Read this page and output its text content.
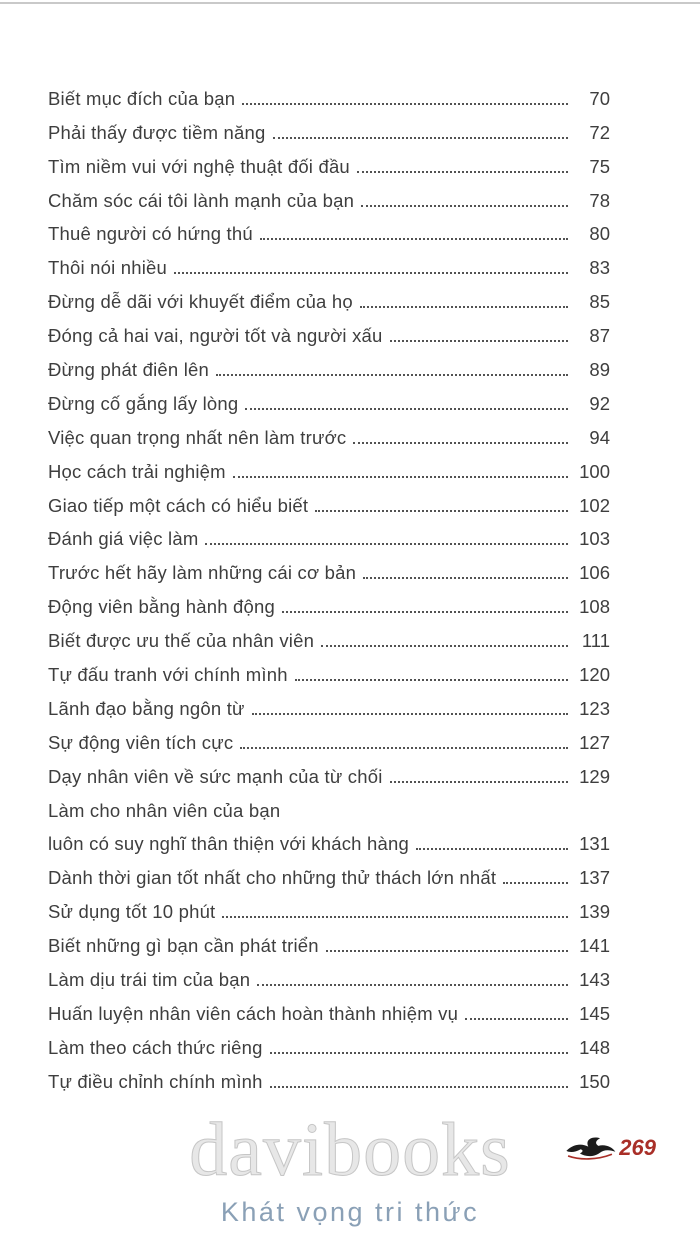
Biết mục đích của bạn	70
Phải thấy được tiềm năng	72
Tìm niềm vui với nghệ thuật đối đầu	75
Chăm sóc cái tôi lành mạnh của bạn	78
Thuê người có hứng thú	80
Thôi nói nhiều	83
Đừng dễ dãi với khuyết điểm của họ	85
Đóng cả hai vai, người tốt và người xấu	87
Đừng phát điên lên	89
Đừng cố gắng lấy lòng	92
Việc quan trọng nhất nên làm trước	94
Học cách trải nghiệm	100
Giao tiếp một cách có hiểu biết	102
Đánh giá việc làm	103
Trước hết hãy làm những cái cơ bản	106
Động viên bằng hành động	108
Biết được ưu thế của nhân viên	111
Tự đấu tranh với chính mình	120
Lãnh đạo bằng ngôn từ	123
Sự động viên tích cực	127
Dạy nhân viên về sức mạnh của từ chối	129
Làm cho nhân viên của bạn
luôn có suy nghĩ thân thiện với khách hàng	131
Dành thời gian tốt nhất cho những thử thách lớn nhất	137
Sử dụng tốt 10 phút	139
Biết những gì bạn cần phát triển	141
Làm dịu trái tim của bạn	143
Huấn luyện nhân viên cách hoàn thành nhiệm vụ	145
Làm theo cách thức riêng	148
Tự điều chỉnh chính mình	150
davibooks
Khát vọng tri thức
269
